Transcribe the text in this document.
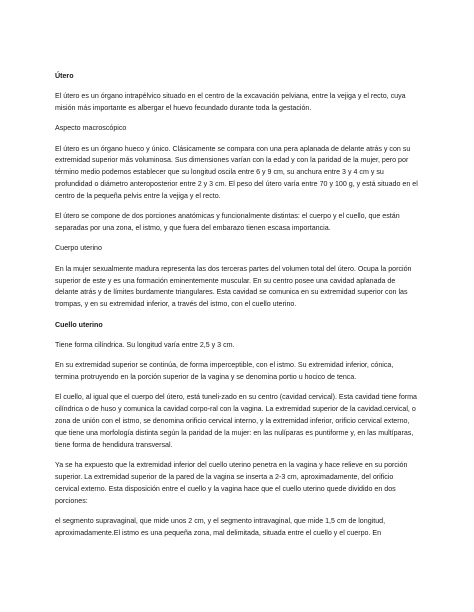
Útero

El útero es un órgano intrapélvico situado en el centro de la excavación pelviana, entre la vejiga y el recto, cuya misión más importante es albergar el huevo fecundado durante toda la gestación.

Aspecto macroscópico

El útero es un órgano hueco y único. Clásicamente se compara con una pera aplanada de delante atrás y con su extremidad superior más voluminosa. Sus dimensiones varían con la edad y con la paridad de la mujer, pero por término medio podemos establecer que su longitud oscila entre 6 y 9 cm, su anchura entre 3 y 4 cm y su profundidad o diámetro anteroposterior entre 2 y 3 cm. El peso del útero varía entre 70 y 100 g, y está situado en el centro de la pequeña pelvis entre la vejiga y el recto.

El útero se compone de dos porciones anatómicas y funcionalmente distintas: el cuerpo y el cuello, que están separadas por una zona, el istmo, y que fuera del embarazo tienen escasa importancia.

Cuerpo uterino

En la mujer sexualmente madura representa las dos terceras partes del volumen total del útero. Ocupa la porción superior de este y es una formación eminentemente muscular. En su centro posee una cavidad aplanada de delante atrás y de límites burdamente triangulares. Esta cavidad se comunica en su extremidad superior con las trompas, y en su extremidad inferior, a través del istmo, con el cuello uterino.

Cuello uterino

Tiene forma cilíndrica. Su longitud varía entre 2,5 y 3 cm.

En su extremidad superior se continúa, de forma imperceptible, con el istmo. Su extremidad inferior, cónica, termina protruyendo en la porción superior de la vagina y se denomina portio u hocico de tenca.

El cuello, al igual que el cuerpo del útero, está tuneli-zado en su centro (cavidad cervical). Esta cavidad tiene forma cilíndrica o de huso y comunica la cavidad corpo-ral con la vagina. La extremidad superior de la cavidad.cervical, o zona de unión con el istmo, se denomina orificio cervical interno, y la extremidad inferior, orificio cervical externo, que tiene una morfología distinta según la paridad de la mujer: en las nulíparas es puntiforme y, en las multíparas, tiene forma de hendidura transversal.

Ya se ha expuesto que la extremidad inferior del cuello uterino penetra en la vagina y hace relieve en su porción superior. La extremidad superior de la pared de la vagina se inserta a 2-3 cm, aproximadamente, del orificio cervical externo. Esta disposición entre el cuello y la vagina hace que el cuello uterino quede dividido en dos porciones:

el segmento supravaginal, que mide unos 2 cm, y el segmento intravaginal, que mide 1,5 cm de longitud, aproximadamente.El istmo es una pequeña zona, mal delimitada, situada entre el cuello y el cuerpo. En
